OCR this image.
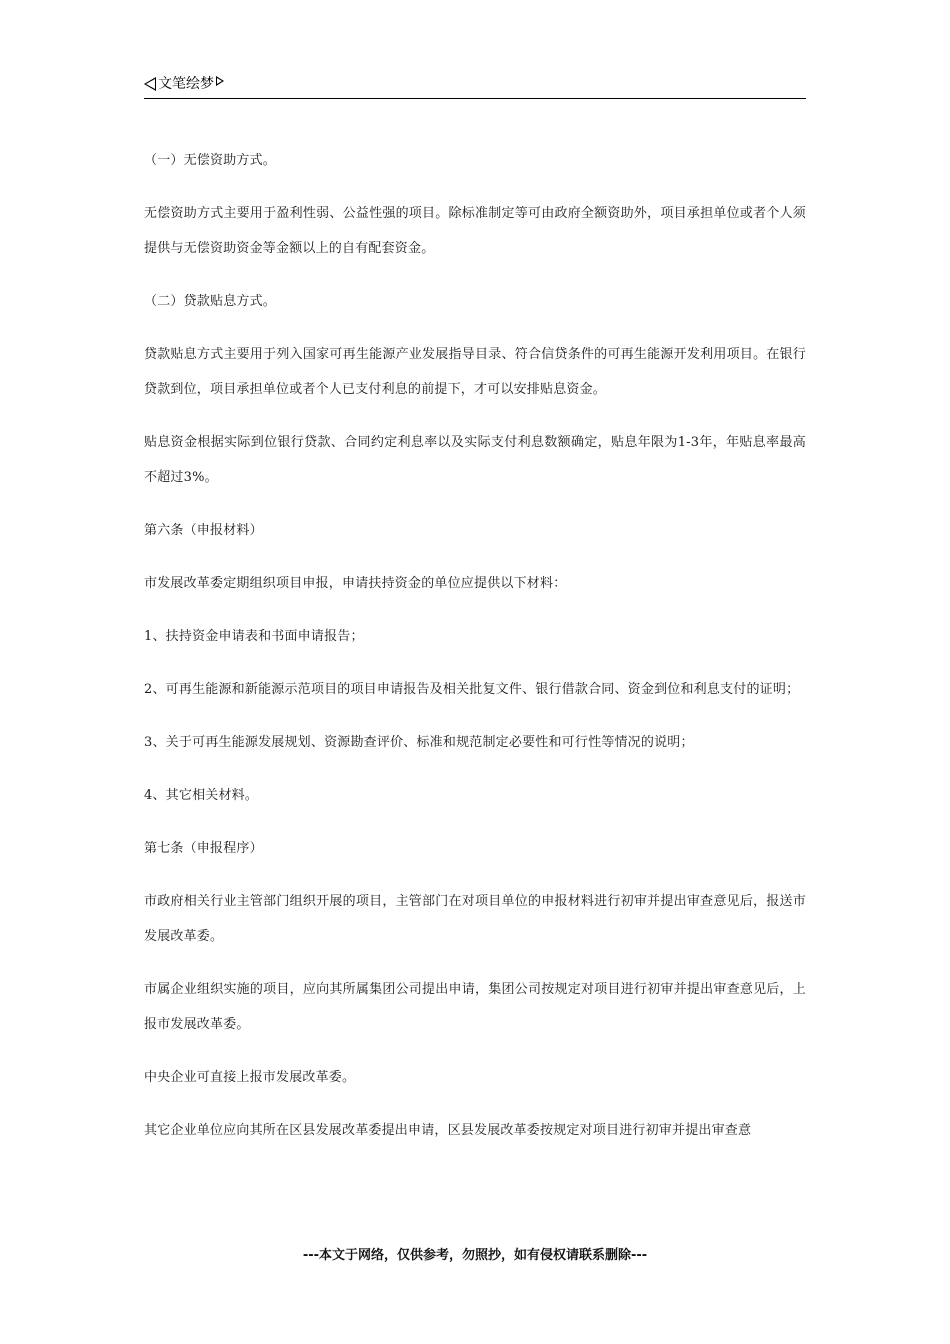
文笔绘梦

（一）无偿资助方式。

无偿资助方式主要用于盈利性弱、公益性强的项目。除标准制定等可由政府全额资助外，项目承担单位或者个人须提供与无偿资助资金等金额以上的自有配套资金。

（二）贷款贴息方式。

贷款贴息方式主要用于列入国家可再生能源产业发展指导目录、符合信贷条件的可再生能源开发利用项目。在银行贷款到位，项目承担单位或者个人已支付利息的前提下，才可以安排贴息资金。

贴息资金根据实际到位银行贷款、合同约定利息率以及实际支付利息数额确定，贴息年限为1-3年，年贴息率最高不超过3%。

第六条（申报材料）

市发展改革委定期组织项目申报，申请扶持资金的单位应提供以下材料：

1、扶持资金申请表和书面申请报告；

2、可再生能源和新能源示范项目的项目申请报告及相关批复文件、银行借款合同、资金到位和利息支付的证明；

3、关于可再生能源发展规划、资源勘查评价、标准和规范制定必要性和可行性等情况的说明；

4、其它相关材料。

第七条（申报程序）

市政府相关行业主管部门组织开展的项目，主管部门在对项目单位的申报材料进行初审并提出审查意见后，报送市发展改革委。

市属企业组织实施的项目，应向其所属集团公司提出申请，集团公司按规定对项目进行初审并提出审查意见后，上报市发展改革委。

中央企业可直接上报市发展改革委。

其它企业单位应向其所在区县发展改革委提出申请，区县发展改革委按规定对项目进行初审并提出审查意

---本文于网络，仅供参考，勿照抄，如有侵权请联系删除---
